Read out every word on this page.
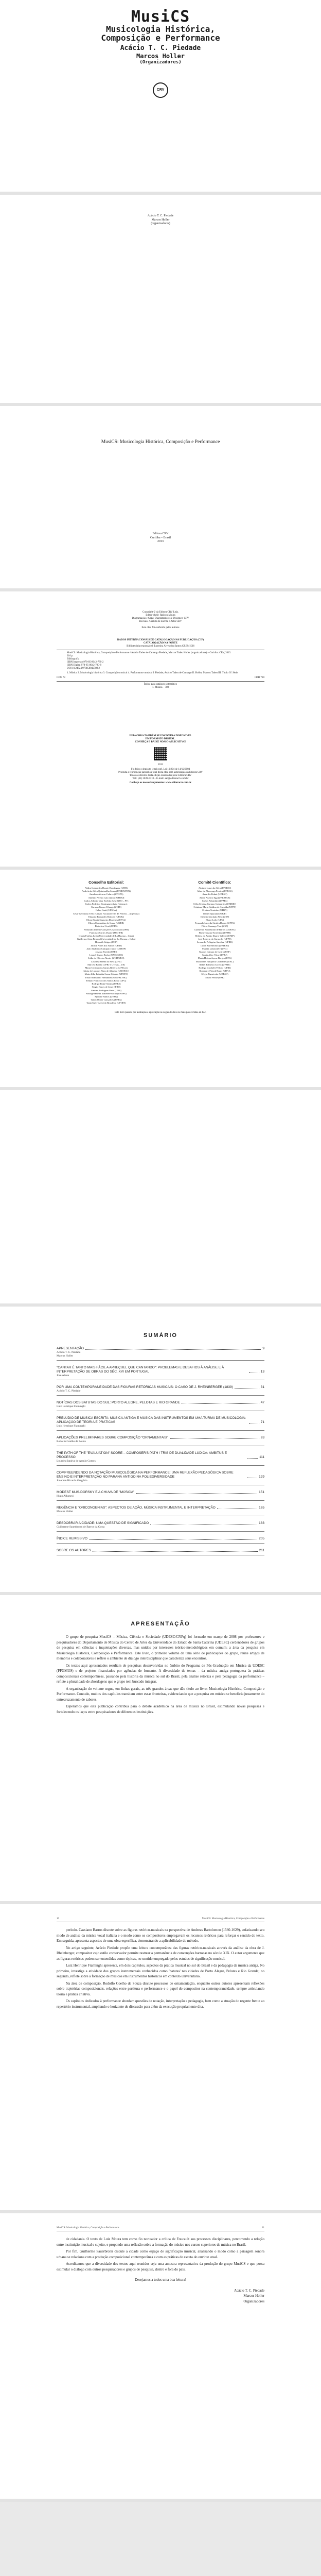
MusiCS
Musicologia Histórica,
Composição e Performance
Acácio T. C. Piedade
Marcos Holler
(Organizadores)
CRV
Acácio T. C. Piedade
Marcos Holler
(organizadores)
MusiCS: Musicologia Histórica, Composição e Performance
Editora CRV
Curitiba – Brasil
2013
Copyright © da Editora CRV Ltda.
Editor-chefe: Railson Moura
Diagramação e Capa: Diagramadores e Designers CRV
Revisão: Analista de Escrita e Artes CRV
Esta obra foi conferida pelos autores
DADOS INTERNACIONAIS DE CATALOGAÇÃO NA PUBLICAÇÃO (CIP)
CATALOGAÇÃO NA FONTE
Bibliotecária responsável: Luzenira Alves dos Santos CRB9/1506
MusiCS: Musicologia Histórica, Composição e Performance / Acácio Tadeu de Camargo Piedade, Marcos Tadeu Holler (organizadores) – Curitiba: CRV, 2013.
216 p.
Bibliografia
ISBN Impresso 978-85-8042-789-2
ISBN Digital 978-85-8042-790-8
DOI 10.24824/978858042789.2
1. Música 2. Musicologia histórica 3. Composição musical 4. Performance musical I. Piedade, Acácio Tadeu de Camargo II. Holler, Marcos Tadeu III. Título IV. Série
CDU 78	CDD 780
Índice para catálogo sistemático
1. Música – 780
ESTA OBRA TAMBÉM SE ENCONTRA DISPONÍVEL
EM FORMATO DIGITAL.
CONHEÇA E BAIXE NOSSO APLICATIVO!
2013
Foi feito o depósito legal conf. Lei 10.994 de 14/12/2004
Proibida a reprodução parcial ou total desta obra sem autorização da Editora CRV
Todos os direitos desta edição reservados pela: Editora CRV
Tel.: (41) 3039-6418 – E-mail: sac@editoracrv.com.br
Conheça os nossos lançamentos: www.editoracrv.com.br
Conselho Editorial:
Aldira Guimarães Duarte Domínguez (UNB)
Andréia da Silva Quintanilha Sousa (UNIR/UFRN)
Anselmo Alencar Colares (UFOPA)
Antônio Pereira Gaio Júnior (UFRRJ)
Carlos Alberto Vilar Estêvão (UMINHO – PT)
Carlos Federico Dominguez Avila (Unieuro)
Carmen Tereza Velanga (UNIR)
Celso Conti (UFSCar)
Cesar Gerónimo Tello (Univer. Nacional Três de Febrero – Argentina)
Eduardo Fernandes Barbosa (UFMG)
Elione Maria Nogueira Diogenes (UFAL)
Elizeu Clementino de Souza (UNEB)
Élsio José Corá (UFFS)
Fernando Antônio Gonçalves Alcoforado (IPB)
Francisco Carlos Duarte (PUC-PR)
Gloria Fariñas León (Universidade de La Havana – Cuba)
Guillermo Arias Beatón (Universidade de La Havana – Cuba)
Helmuth Krüger (UCP)
Jailson Alves dos Santos (UFRJ)
João Adalberto Campato Junior (UNESP)
Josania Portela (UFPI)
Leonel Severo Rocha (UNISINOS)
Lídia de Oliveira Xavier (UNIEURO)
Lourdes Helena da Silva (UFV)
Marcelo Paixão (UFRJ e UTexas – US)
Maria Cristina dos Santos Bezerra (UFSCar)
Maria de Lourdes Pinto de Almeida (UNOESC)
Maria Lília Imbiriba Sousa Colares (UFOPA)
Paulo Romualdo Hernandes (UNIFAL-MG)
Renato Francisco dos Santos Paula (UFG)
Rodrigo Pratte-Santos (UFES)
Sérgio Nunes de Jesus (IFRO)
Simone Rodrigues Pinto (UNB)
Solange Helena Ximenes-Rocha (UFOPA)
Sydione Santos (UEPG)
Tadeu Oliver Gonçalves (UFPA)
Tania Suely Azevedo Brasileiro (UFOPA)
Comitê Científico:
Adriana Lopes da Silva (UNIRIO)
Aline de Alvarenga Pereira (UFRGS)
Amarilis Rebuá (UDESC)
André Acastro Egg (UNESPAR)
Carlos Palombini (UFMG)
Célia Cristina Caetano Guimarães (UNIRIO)
Cristiane Maria Galdino de Almeida (UFPE)
Cristina Tourinho (UFBA)
Daniel Quaranta (UFJF)
Diósnio Machado Neto (USP)
Eliane Leão (UFG)
Fernando Lacerda Simões Duarte (UFPA)
Flávia Camargo Toni (USP)
Guilherme Sauerbronn de Barros (UDESC)
Harue Tanaka-Sorrentino (UFPB)
Heloísa de Araújo Duarte Valente (UNIP)
José Roberto do Carmo Jr. (UFPR)
Leonardo Pellegrim Sanchez (UFRR)
Lucia Barrenechea (UNIRIO)
Marília Laboissière (UFG)
Marcos Câmara de Castro (USP)
Maria Alice Volpe (UFRJ)
Maria Helena Jayme Borges (UFG)
Maria Inês Junqueira Guimarães (UEL)
Rafael Palmeira Corrêa (UFMT)
Rodrigo Cicchelli Velloso (UFRJ)
Rosemary Fritsch Brum (UFPel)
Sérgio Figueiredo (UDESC)
Silvio Ferraz (USP)
Este livro passou por avaliação e aprovação às cegas de dois ou mais pareceristas ad hoc.
SUMÁRIO
APRESENTAÇÃO	9
Acácio T. C. Piedade
Marcos Holler
"CANTAR É TANTO MAIS FÁCIL A APREÇUEL QUE CANTANDO": PROBLEMAS E DESAFIOS À ANÁLISE E À INTERPRETAÇÃO DE OBRAS DO SÉC. XVI EM PORTUGAL	13
José Abreu
POR UMA CONTEMPORANEIDADE DAS FIGURAS RETÓRICAS MUSICAIS: O CASO DE J. RHEINBERGER (1839)	31
Acácio T. C. Piedade
NOTÍCIAS DOS BATUTAS DO SUL: PORTO ALEGRE, PELOTAS E RIO GRANDE	47
Luiz Henrique Fiaminghi
PRELÚDIO DE MÚSICA ESCRITA: MÚSICA ANTIGA E MÚSICA DAS INSTRUMENTOS EM UMA TURMA DE MUSICOLOGIA: APLICAÇÃO DE TEORIA E PRÁTICAS	71
Luiz Henrique Fiaminghi
APLICAÇÕES PRELIMINARES SOBRE COMPOSIÇÃO "ORNAMENTAIS"	93
Rodolfo Coelho de Souza
THE PATH OF THE "EVALUATION" SCORE – COMPOSER'S PATH / TRIS DE DUALIDADE LÚDICA: AMBITUS E PROCESSO	111
Lourdes Saraiva de Araújo Gomes
COMPREENDENDO DA NOTAÇÃO MUSICOLÓGICA NA PERFORMANCE: UMA REFLEXÃO PEDAGÓGICA SOBRE ENSINO E INTERPRETAÇÃO NO PARANÁ ANTIGO NA POLIEDIVERSIDADE	129
Jonathan Ricardo Gregório
MODEST MUS-DORSKY E A CHUVA DE "MÚSICA"	151
Hugo Albanesi
REGÊNCIA E "ORICONGENIAS": ASPECTOS DE AÇÃO, MÚSICA INSTRUMENTAL E INTERPRETAÇÃO	165
Marcos Holler
DESDOBRAR A CIDADE: UMA QUESTÃO DE SIGNIFICADO	183
Guilherme Sauerbronn de Barros da Costa
ÍNDICE REMISSIVO	205
SOBRE OS AUTORES	211
APRESENTAÇÃO

O grupo de pesquisa MusiCS – Música, Ciência e Sociedade (UDESC/CNPq) foi formado em março de 2008 por professores e pesquisadores do Departamento de Música do Centro de Artes da Universidade do Estado de Santa Catarina (UDESC) cerdenadores de grupos de pesquisa em ciências e inquietações diversas, mas unidos por interesses teórico-metodológicos em comum: a área da pesquisa em Musicologia Histórica, Composição e Performance. Este livro, o primeiro volume de uma série de publicações do grupo, reúne artigos de membros e colaboradores e reflete o ambiente de diálogo interdisciplinar que caracteriza seus encontros.

Os textos aqui apresentados resultam de pesquisas desenvolvidas no âmbito do Programa de Pós-Graduação em Música da UDESC (PPGMUS) e de projetos financiados por agências de fomento. A diversidade de temas – da música antiga portuguesa às práticas composicionais contemporâneas, passando pela história da música no sul do Brasil, pela análise retórica e pela pedagogia da performance – reflete a pluralidade de abordagens que o grupo tem buscado integrar.

A organização do volume segue, em linhas gerais, as três grandes áreas que dão título ao livro: Musicologia Histórica, Composição e Performance. Contudo, muitos dos capítulos transitam entre essas fronteiras, evidenciando que a pesquisa em música se beneficia justamente do entrecruzamento de saberes.

Esperamos que esta publicação contribua para o debate acadêmico na área de música no Brasil, estimulando novas pesquisas e fortalecendo os laços entre pesquisadores de diferentes instituições.

10	MusiCS: Musicologia Histórica, Composição e Performance

período. Cassiano Barros discute sobre as figuras retórico-musicais na perspectiva de Andreas Bartolomeo (1560-1629), enfatizando seu modo de análise da música vocal italiana e o modo como os compositores empregavam os recursos retóricos para reforçar o sentido do texto. Em seguida, apresenta aspectos de uma obra específica, demonstrando a aplicabilidade do método.

No artigo seguinte, Acácio Piedade propõe uma leitura contemporânea das figuras retórico-musicais através da análise da obra de J. Rheinberger, compositor cujo estilo conservador permite rastrear a permanência de convenções barrocas no século XIX. O autor argumenta que as figuras retóricas podem ser entendidas como tópicas, no sentido empregado pelos estudos de significação musical.

Luiz Henrique Fiaminghi apresenta, em dois capítulos, aspectos da prática musical no sul do Brasil e da pedagogia da música antiga. No primeiro, investiga a atividade dos grupos instrumentais conhecidos como 'batutas' nas cidades de Porto Alegre, Pelotas e Rio Grande; no segundo, reflete sobre a formação de músicos em instrumentos históricos em contexto universitário.

Na área de composição, Rodolfo Coelho de Souza discute processos de ornamentação, enquanto outros autores apresentam reflexões sobre trajetórias composicionais, relações entre partitura e performance e o papel do compositor na contemporaneidade, sempre articulando teoria e prática criativa.

Os capítulos dedicados à performance abordam questões de notação, interpretação e pedagogia, bem como a atuação do regente frente ao repertório instrumental, ampliando o horizonte de discussão para além da execução propriamente dita.

MusiCS: Musicologia Histórica, Composição e Performance	11

de cidadania. O texto de Luiz Moura tem como fio norteador a crítica de Foucault aos processos disciplinares, percorrendo a relação entre instituição musical e sujeito, e propondo uma reflexão sobre a formação do músico nos cursos superiores de música no Brasil.

Por fim, Guilherme Sauerbronn discute a cidade como espaço de significação musical, analisando o modo como a paisagem sonora urbana se relaciona com a produção composicional contemporânea e com as práticas de escuta do ouvinte atual.

Acreditamos que a diversidade dos textos aqui reunidos seja uma amostra representativa da produção do grupo MusiCS e que possa estimular o diálogo com outros pesquisadores e grupos de pesquisa, dentro e fora do país.

Desejamos a todos uma boa leitura!
Acácio T. C. Piedade
Marcos Holler
Organizadores
